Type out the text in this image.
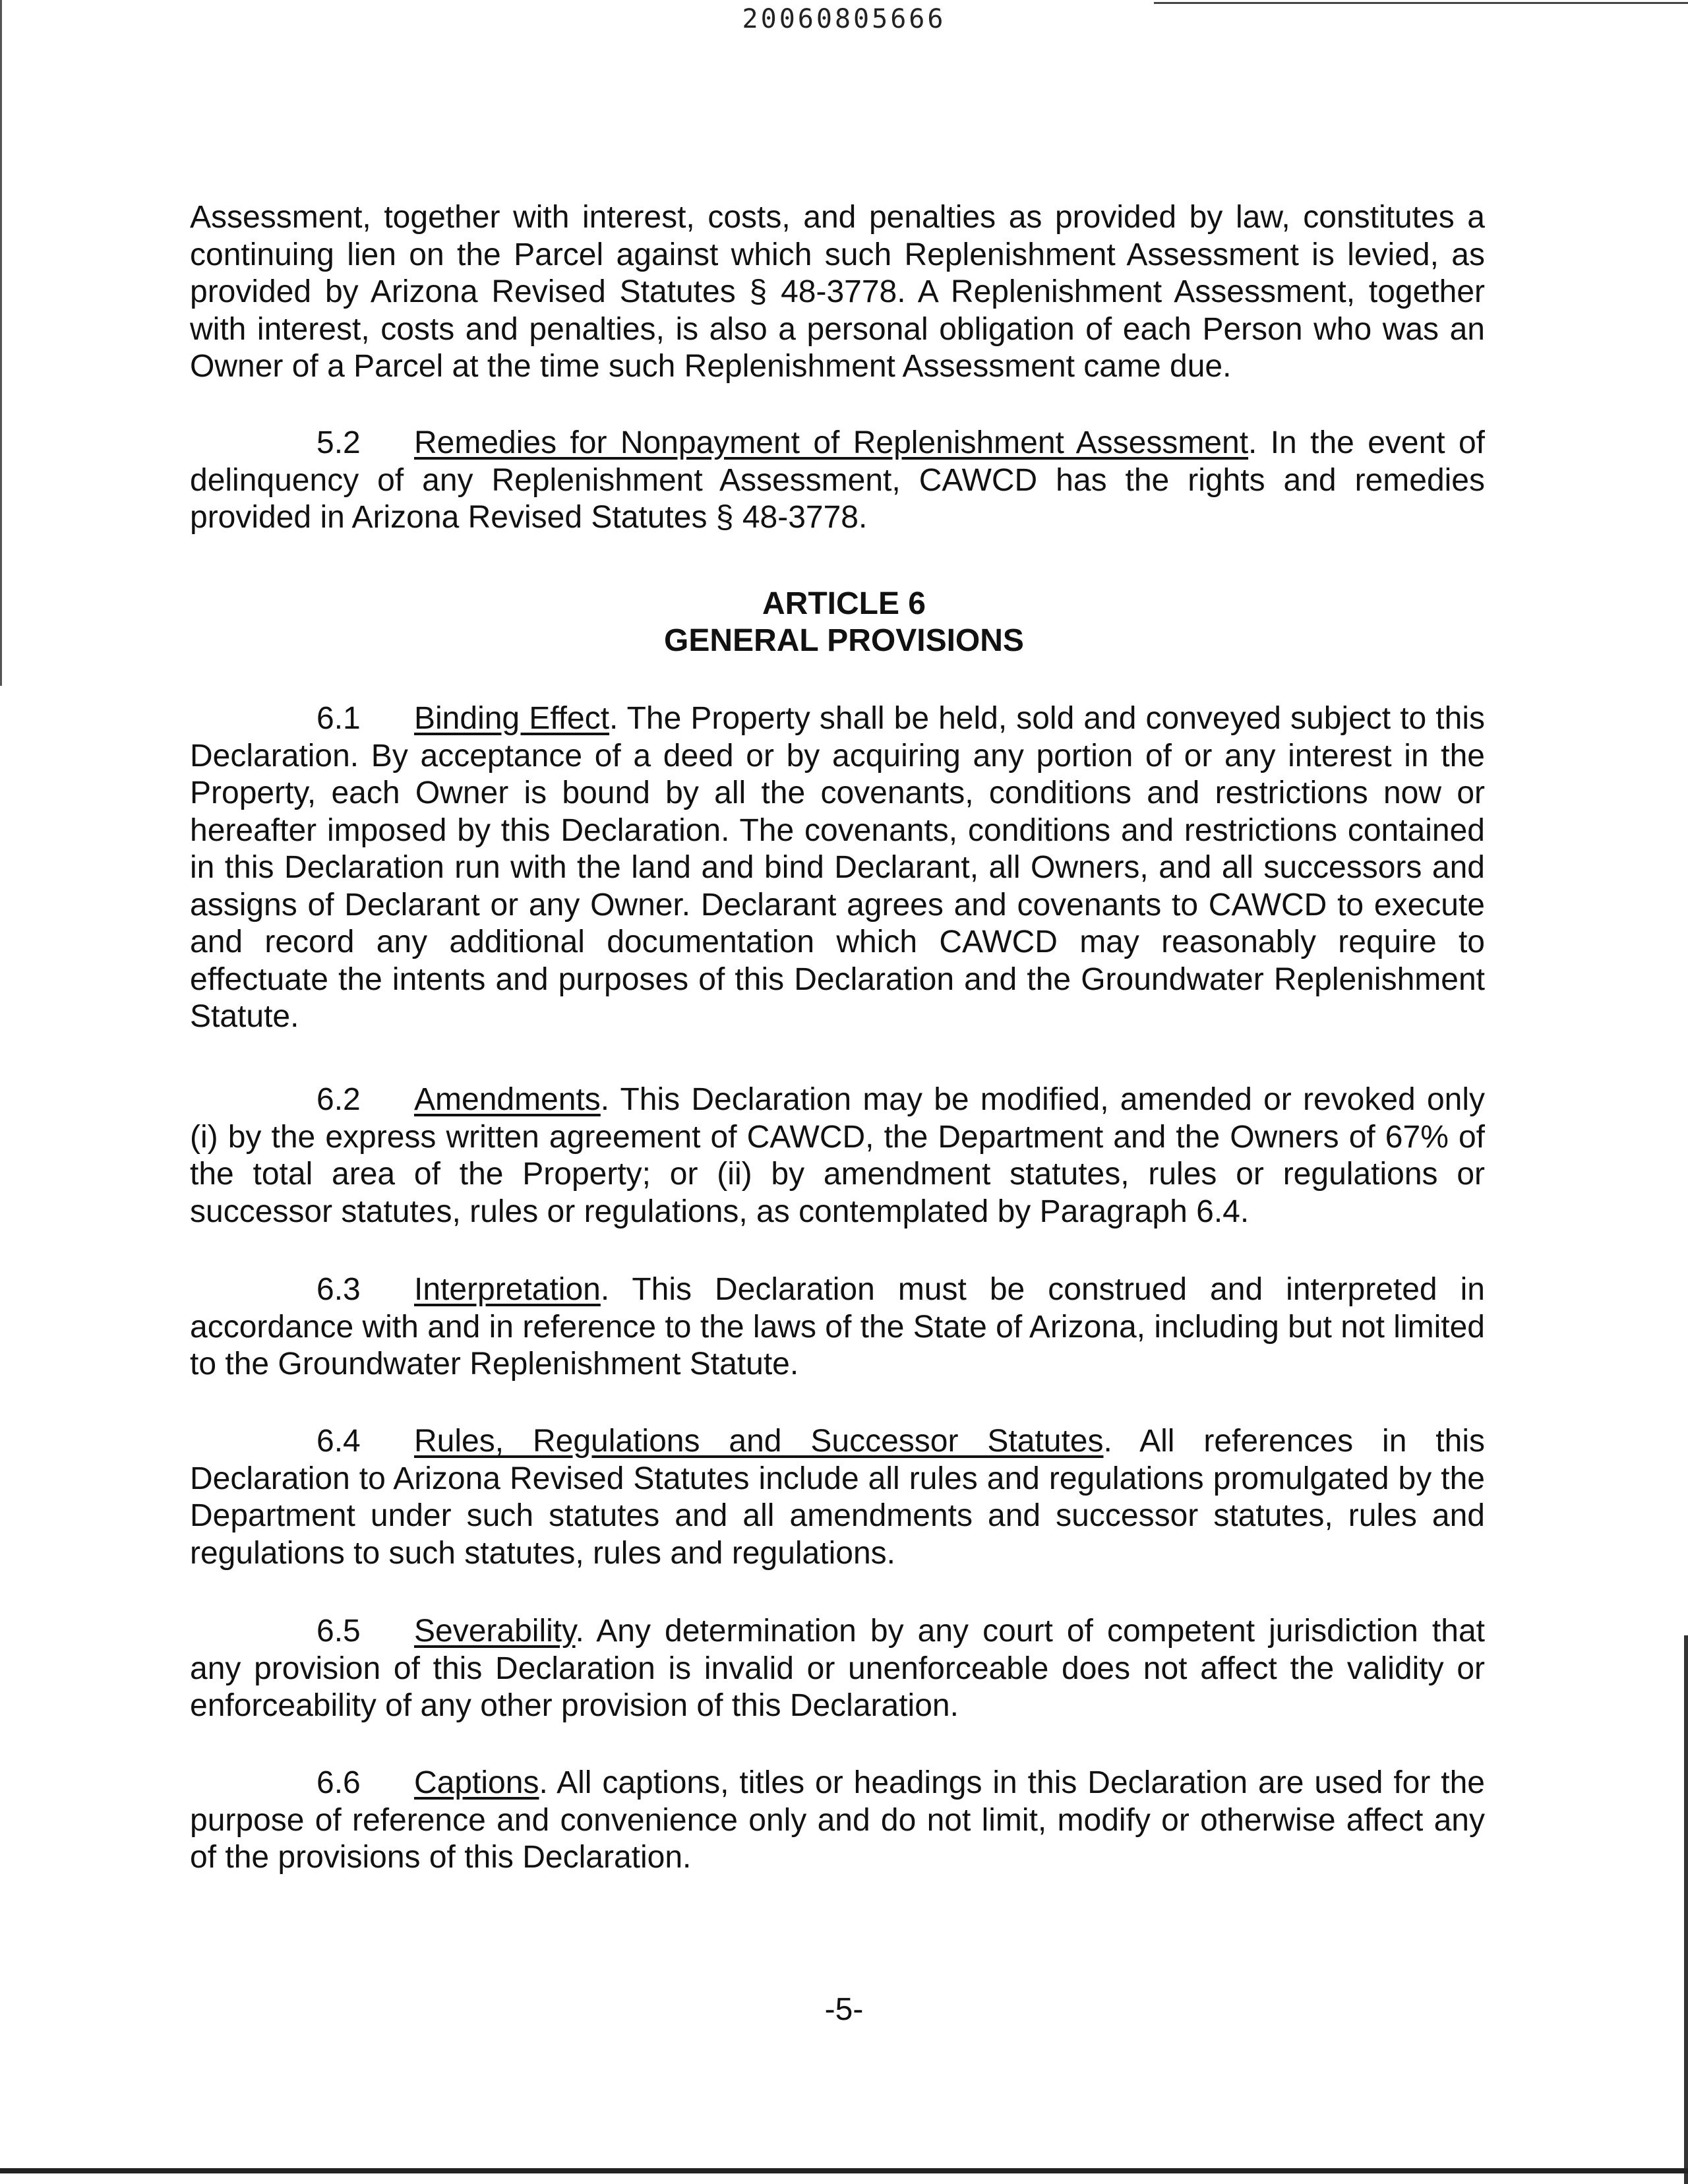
20060805666

Assessment, together with interest, costs, and penalties as provided by law, constitutes a continuing lien on the Parcel against which such Replenishment Assessment is levied, as provided by Arizona Revised Statutes § 48-3778. A Replenishment Assessment, together with interest, costs and penalties, is also a personal obligation of each Person who was an Owner of a Parcel at the time such Replenishment Assessment came due.

5.2 Remedies for Nonpayment of Replenishment Assessment. In the event of delinquency of any Replenishment Assessment, CAWCD has the rights and remedies provided in Arizona Revised Statutes § 48-3778.

ARTICLE 6
GENERAL PROVISIONS

6.1 Binding Effect. The Property shall be held, sold and conveyed subject to this Declaration. By acceptance of a deed or by acquiring any portion of or any interest in the Property, each Owner is bound by all the covenants, conditions and restrictions now or hereafter imposed by this Declaration. The covenants, conditions and restrictions contained in this Declaration run with the land and bind Declarant, all Owners, and all successors and assigns of Declarant or any Owner. Declarant agrees and covenants to CAWCD to execute and record any additional documentation which CAWCD may reasonably require to effectuate the intents and purposes of this Declaration and the Groundwater Replenishment Statute.

6.2 Amendments. This Declaration may be modified, amended or revoked only (i) by the express written agreement of CAWCD, the Department and the Owners of 67% of the total area of the Property; or (ii) by amendment statutes, rules or regulations or successor statutes, rules or regulations, as contemplated by Paragraph 6.4.

6.3 Interpretation. This Declaration must be construed and interpreted in accordance with and in reference to the laws of the State of Arizona, including but not limited to the Groundwater Replenishment Statute.

6.4 Rules, Regulations and Successor Statutes. All references in this Declaration to Arizona Revised Statutes include all rules and regulations promulgated by the Department under such statutes and all amendments and successor statutes, rules and regulations to such statutes, rules and regulations.

6.5 Severability. Any determination by any court of competent jurisdiction that any provision of this Declaration is invalid or unenforceable does not affect the validity or enforceability of any other provision of this Declaration.

6.6 Captions. All captions, titles or headings in this Declaration are used for the purpose of reference and convenience only and do not limit, modify or otherwise affect any of the provisions of this Declaration.

-5-
